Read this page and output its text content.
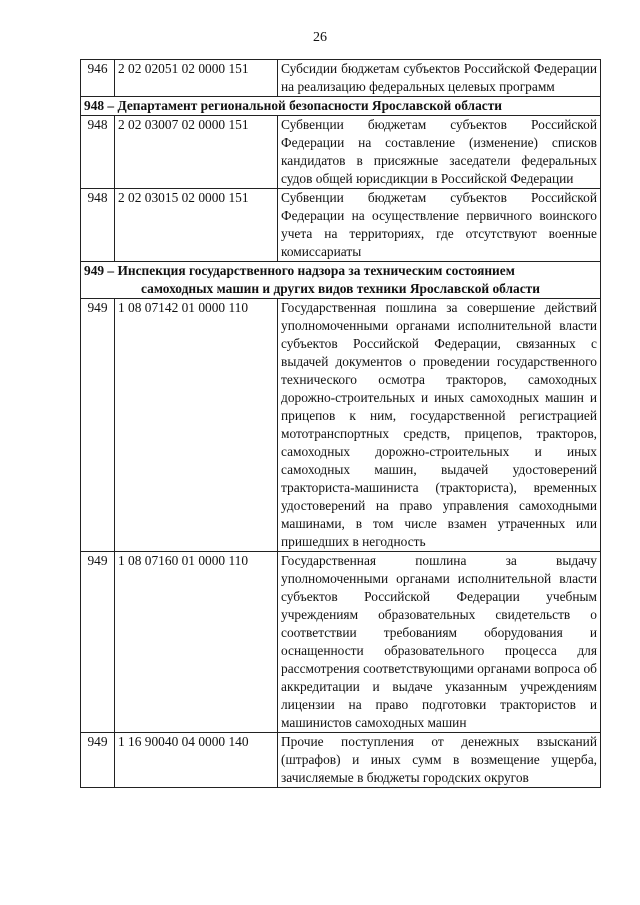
26
946	2 02 02051 02 0000 151	Субсидии бюджетам субъектов Российской Федерации на реализацию федеральных целевых программ
948 – Департамент региональной безопасности Ярославской области		
948	2 02 03007 02 0000 151	Субвенции бюджетам субъектов Российской Федерации на составление (изменение) списков кандидатов в присяжные заседатели федеральных судов общей юрисдикции в Российской Федерации
948	2 02 03015 02 0000 151	Субвенции бюджетам субъектов Российской Федерации на осуществление первичного воинского учета на территориях, где отсутствуют военные комиссариаты
949 – Инспекция государственного надзора за техническим состоянием
самоходных машин и других видов техники Ярославской области		

949	1 08 07142 01 0000 110	Государственная пошлина за совершение действий уполномоченными органами исполнительной власти субъектов Российской Федерации, связанных с выдачей документов о проведении государственного технического осмотра тракторов, самоходных дорожно-строительных и иных самоходных машин и прицепов к ним, государственной регистрацией мототранспортных средств, прицепов, тракторов, самоходных дорожно-строительных и иных самоходных машин, выдачей удостоверений тракториста-машиниста (тракториста), временных удостоверений на право управления самоходными машинами, в том числе взамен утраченных или пришедших в негодность
949	1 08 07160 01 0000 110	Государственная пошлина за выдачу уполномоченными органами исполнительной власти субъектов Российской Федерации учебным учреждениям образовательных свидетельств о соответствии требованиям оборудования и оснащенности образовательного процесса для рассмотрения соответствующими органами вопроса об аккредитации и выдаче указанным учреждениям лицензии на право подготовки трактористов и машинистов самоходных машин
949	1 16 90040 04 0000 140	Прочие поступления от денежных взысканий (штрафов) и иных сумм в возмещение ущерба, зачисляемые в бюджеты городских округов
